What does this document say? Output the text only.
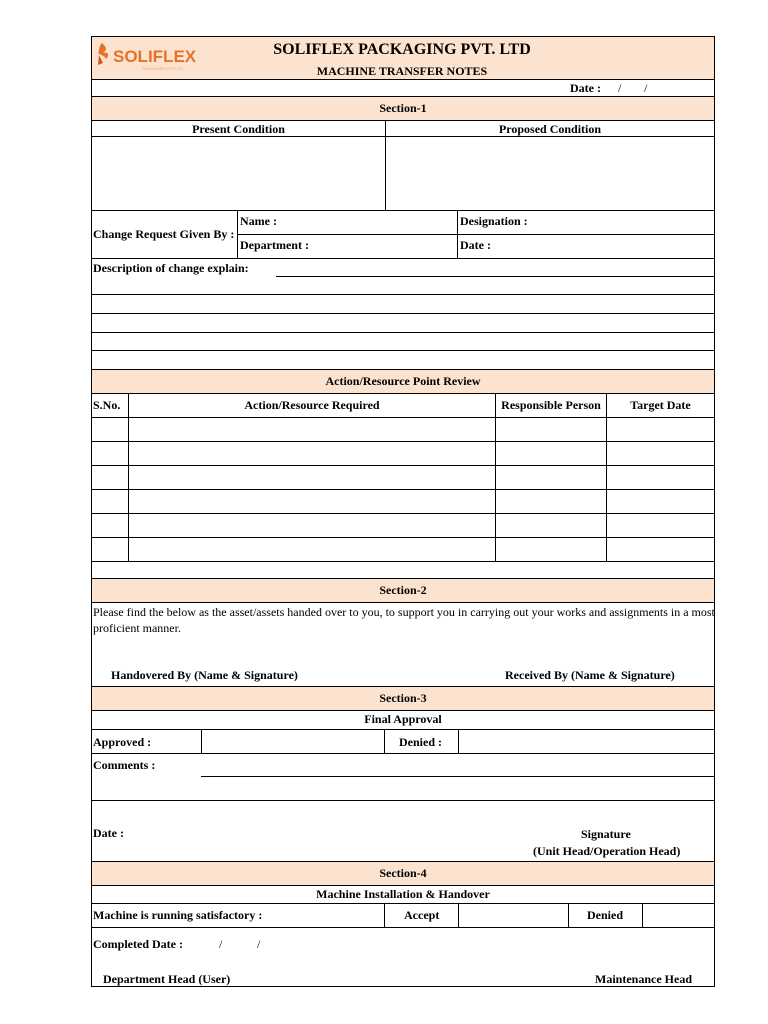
SOLIFLEX
PACKAGING PVT LTD
SOLIFLEX PACKAGING PVT. LTD
MACHINE TRANSFER NOTES
Date : / /
Section-1
Present Condition	Proposed Condition
Change Request Given By :
Name :	Designation :
Department :	Date :
Description of change explain:
Action/Resource Point Review
S.No.	Action/Resource Required	Responsible Person	Target Date
Section-2
Please find the below as the asset/assets handed over to you, to support you in carrying out your works and assignments in a most
proficient manner.
Handovered By (Name & Signature)	Received By (Name & Signature)
Section-3
Final Approval
Approved :	Denied :
Comments :
Date :	Signature
(Unit Head/Operation Head)
Section-4
Machine Installation & Handover
Machine is running satisfactory :	Accept	Denied
Completed Date :	/	/
Department Head (User)	Maintenance Head
